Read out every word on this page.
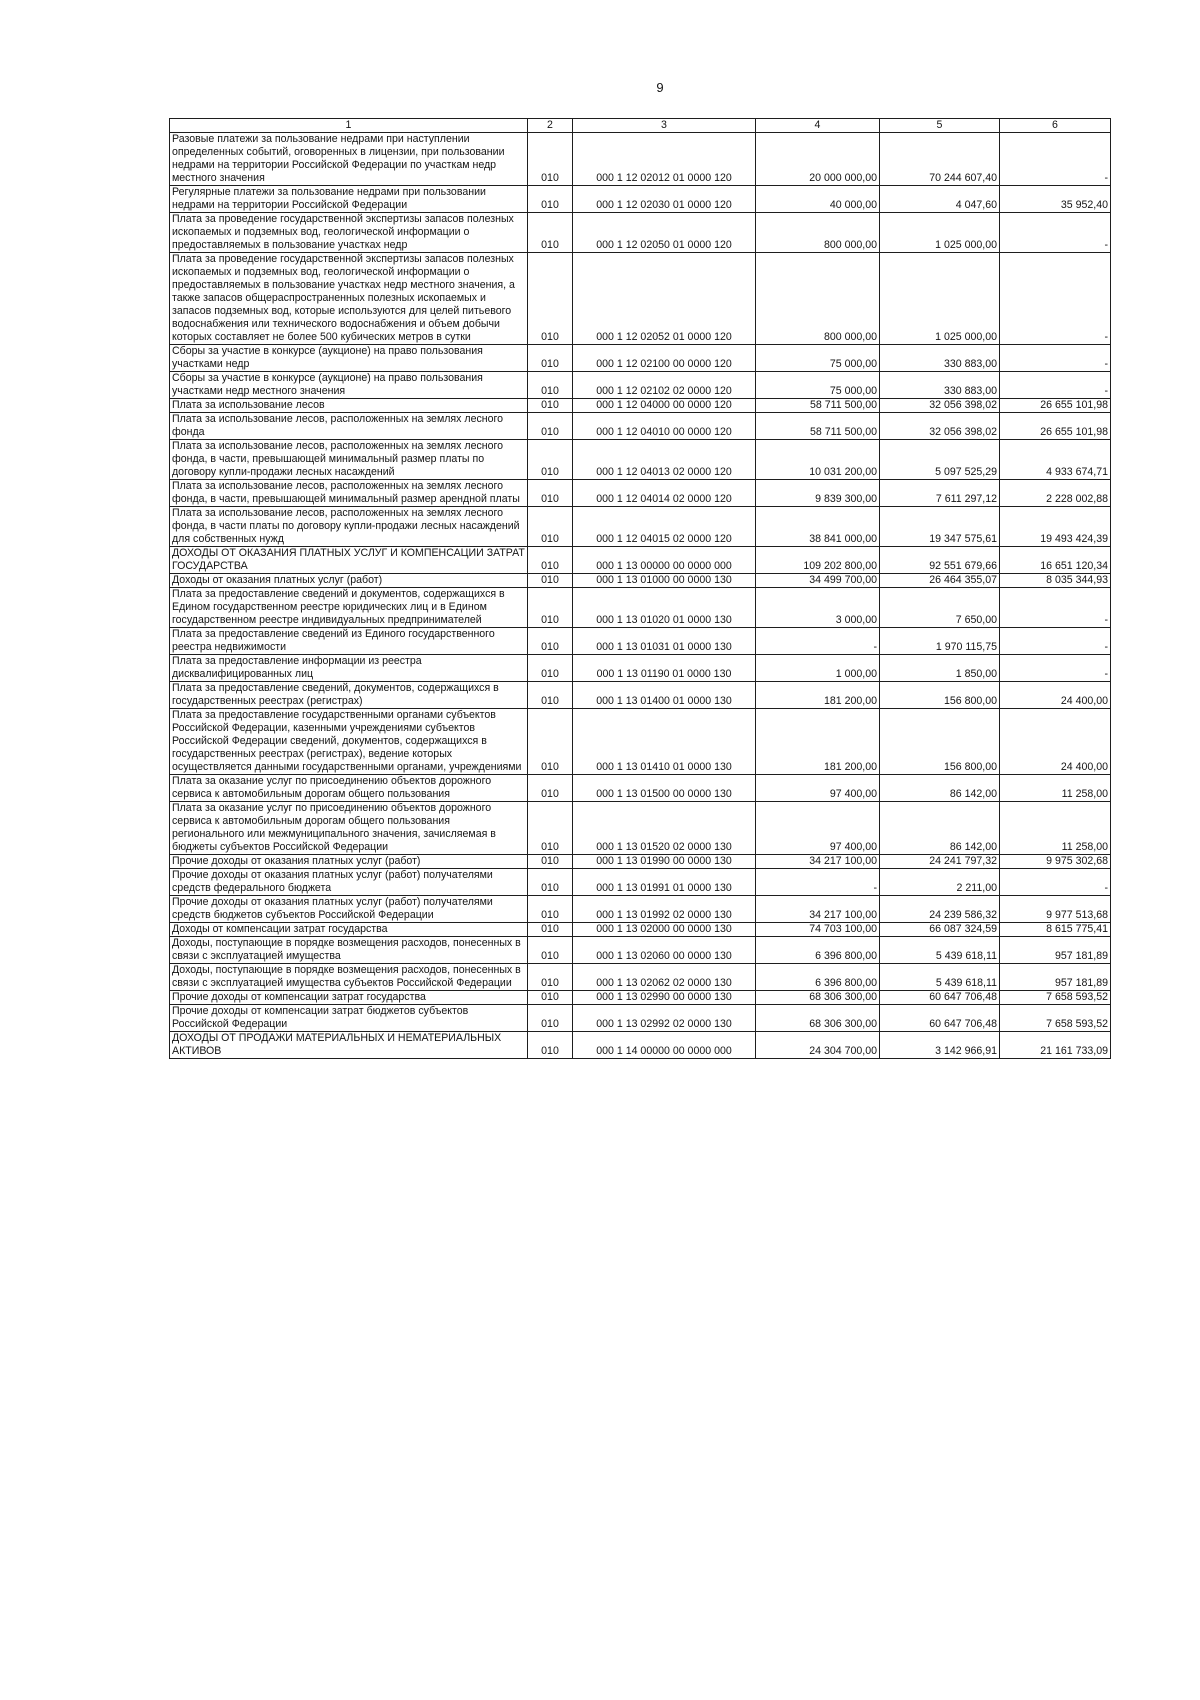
9
1	2	3	4	5	6
Разовые платежи за пользование недрами при наступлении определенных событий, оговоренных в лицензии, при пользовании недрами на территории Российской Федерации по участкам недр местного значения	010	000 1 12 02012 01 0000 120	20 000 000,00	70 244 607,40	-
Регулярные платежи за пользование недрами при пользовании недрами на территории Российской Федерации	010	000 1 12 02030 01 0000 120	40 000,00	4 047,60	35 952,40
Плата за проведение государственной экспертизы запасов полезных ископаемых и подземных вод, геологической информации о предоставляемых в пользование участках недр	010	000 1 12 02050 01 0000 120	800 000,00	1 025 000,00	-
Плата за проведение государственной экспертизы запасов полезных ископаемых и подземных вод, геологической информации о предоставляемых в пользование участках недр местного значения, а также запасов общераспространенных полезных ископаемых и запасов подземных вод, которые используются для целей питьевого водоснабжения или технического водоснабжения и объем добычи которых составляет не более 500 кубических метров в сутки	010	000 1 12 02052 01 0000 120	800 000,00	1 025 000,00	-
Сборы за участие в конкурсе (аукционе) на право пользования участками недр	010	000 1 12 02100 00 0000 120	75 000,00	330 883,00	-
Сборы за участие в конкурсе (аукционе) на право пользования участками недр местного значения	010	000 1 12 02102 02 0000 120	75 000,00	330 883,00	-
Плата за использование лесов	010	000 1 12 04000 00 0000 120	58 711 500,00	32 056 398,02	26 655 101,98
Плата за использование лесов, расположенных на землях лесного фонда	010	000 1 12 04010 00 0000 120	58 711 500,00	32 056 398,02	26 655 101,98
Плата за использование лесов, расположенных на землях лесного фонда, в части, превышающей минимальный размер платы по договору купли-продажи лесных насаждений	010	000 1 12 04013 02 0000 120	10 031 200,00	5 097 525,29	4 933 674,71
Плата за использование лесов, расположенных на землях лесного фонда, в части, превышающей минимальный размер арендной платы	010	000 1 12 04014 02 0000 120	9 839 300,00	7 611 297,12	2 228 002,88
Плата за использование лесов, расположенных на землях лесного фонда, в части платы по договору купли-продажи лесных насаждений для собственных нужд	010	000 1 12 04015 02 0000 120	38 841 000,00	19 347 575,61	19 493 424,39
ДОХОДЫ ОТ ОКАЗАНИЯ ПЛАТНЫХ УСЛУГ И КОМПЕНСАЦИИ ЗАТРАТ ГОСУДАРСТВА	010	000 1 13 00000 00 0000 000	109 202 800,00	92 551 679,66	16 651 120,34
Доходы от оказания платных услуг (работ)	010	000 1 13 01000 00 0000 130	34 499 700,00	26 464 355,07	8 035 344,93
Плата за предоставление сведений и документов, содержащихся в Едином государственном реестре юридических лиц и в Едином государственном реестре индивидуальных предпринимателей	010	000 1 13 01020 01 0000 130	3 000,00	7 650,00	-
Плата за предоставление сведений из Единого государственного реестра недвижимости	010	000 1 13 01031 01 0000 130	-	1 970 115,75	-
Плата за предоставление информации из реестра дисквалифицированных лиц	010	000 1 13 01190 01 0000 130	1 000,00	1 850,00	-
Плата за предоставление сведений, документов, содержащихся в государственных реестрах (регистрах)	010	000 1 13 01400 01 0000 130	181 200,00	156 800,00	24 400,00
Плата за предоставление государственными органами субъектов Российской Федерации, казенными учреждениями субъектов Российской Федерации сведений, документов, содержащихся в государственных реестрах (регистрах), ведение которых осуществляется данными государственными органами, учреждениями	010	000 1 13 01410 01 0000 130	181 200,00	156 800,00	24 400,00
Плата за оказание услуг по присоединению объектов дорожного сервиса к автомобильным дорогам общего пользования	010	000 1 13 01500 00 0000 130	97 400,00	86 142,00	11 258,00
Плата за оказание услуг по присоединению объектов дорожного сервиса к автомобильным дорогам общего пользования регионального или межмуниципального значения, зачисляемая в бюджеты субъектов Российской Федерации	010	000 1 13 01520 02 0000 130	97 400,00	86 142,00	11 258,00
Прочие доходы от оказания платных услуг (работ)	010	000 1 13 01990 00 0000 130	34 217 100,00	24 241 797,32	9 975 302,68
Прочие доходы от оказания платных услуг (работ) получателями средств федерального бюджета	010	000 1 13 01991 01 0000 130	-	2 211,00	-
Прочие доходы от оказания платных услуг (работ) получателями средств бюджетов субъектов Российской Федерации	010	000 1 13 01992 02 0000 130	34 217 100,00	24 239 586,32	9 977 513,68
Доходы от компенсации затрат государства	010	000 1 13 02000 00 0000 130	74 703 100,00	66 087 324,59	8 615 775,41
Доходы, поступающие в порядке возмещения расходов, понесенных в связи с эксплуатацией имущества	010	000 1 13 02060 00 0000 130	6 396 800,00	5 439 618,11	957 181,89
Доходы, поступающие в порядке возмещения расходов, понесенных в связи с эксплуатацией имущества субъектов Российской Федерации	010	000 1 13 02062 02 0000 130	6 396 800,00	5 439 618,11	957 181,89
Прочие доходы от компенсации затрат государства	010	000 1 13 02990 00 0000 130	68 306 300,00	60 647 706,48	7 658 593,52
Прочие доходы от компенсации затрат бюджетов субъектов Российской Федерации	010	000 1 13 02992 02 0000 130	68 306 300,00	60 647 706,48	7 658 593,52
ДОХОДЫ ОТ ПРОДАЖИ МАТЕРИАЛЬНЫХ И НЕМАТЕРИАЛЬНЫХ АКТИВОВ	010	000 1 14 00000 00 0000 000	24 304 700,00	3 142 966,91	21 161 733,09
